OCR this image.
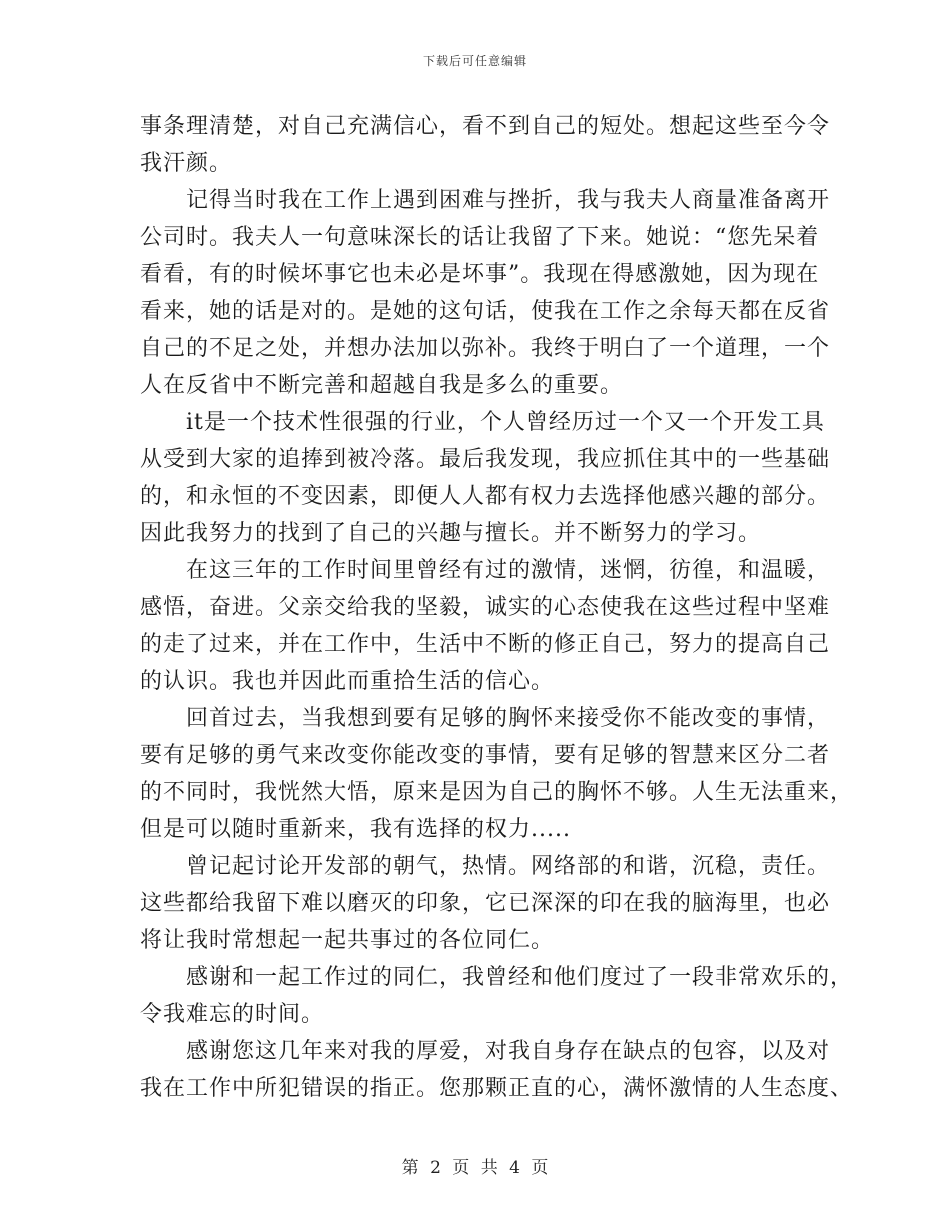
下载后可任意编辑
事条理清楚，对自己充满信心，看不到自己的短处。想起这些至今令
我汗颜。
记得当时我在工作上遇到困难与挫折，我与我夫人商量准备离开
公司时。我夫人一句意味深长的话让我留了下来。她说：“您先呆着
看看，有的时候坏事它也未必是坏事”。我现在得感激她，因为现在
看来，她的话是对的。是她的这句话，使我在工作之余每天都在反省
自己的不足之处，并想办法加以弥补。我终于明白了一个道理，一个
人在反省中不断完善和超越自我是多么的重要。
it是一个技术性很强的行业，个人曾经历过一个又一个开发工具
从受到大家的追捧到被冷落。最后我发现，我应抓住其中的一些基础
的，和永恒的不变因素，即便人人都有权力去选择他感兴趣的部分。
因此我努力的找到了自己的兴趣与擅长。并不断努力的学习。
在这三年的工作时间里曾经有过的激情，迷惘，彷徨，和温暖，
感悟，奋进。父亲交给我的坚毅，诚实的心态使我在这些过程中坚难
的走了过来，并在工作中，生活中不断的修正自己，努力的提高自己
的认识。我也并因此而重拾生活的信心。
回首过去，当我想到要有足够的胸怀来接受你不能改变的事情，
要有足够的勇气来改变你能改变的事情，要有足够的智慧来区分二者
的不同时，我恍然大悟，原来是因为自己的胸怀不够。人生无法重来，
但是可以随时重新来，我有选择的权力.....
曾记起讨论开发部的朝气，热情。网络部的和谐，沉稳，责任。
这些都给我留下难以磨灭的印象，它已深深的印在我的脑海里，也必
将让我时常想起一起共事过的各位同仁。
感谢和一起工作过的同仁，我曾经和他们度过了一段非常欢乐的，
令我难忘的时间。
感谢您这几年来对我的厚爱，对我自身存在缺点的包容，以及对
我在工作中所犯错误的指正。您那颗正直的心，满怀激情的人生态度、
第 2 页 共 4 页
